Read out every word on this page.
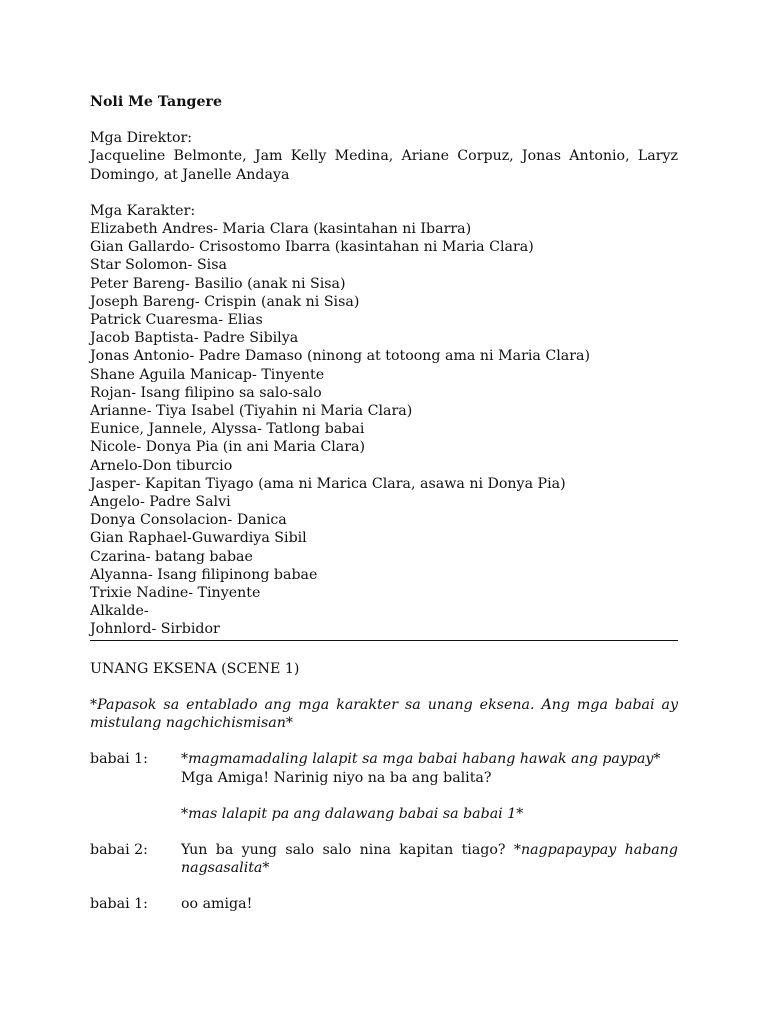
Noli Me Tangere

Mga Direktor:

Jacqueline Belmonte, Jam Kelly Medina, Ariane Corpuz, Jonas Antonio, Laryz Domingo, at Janelle Andaya

Mga Karakter:

Elizabeth Andres- Maria Clara (kasintahan ni Ibarra)
Gian Gallardo- Crisostomo Ibarra (kasintahan ni Maria Clara)
Star Solomon- Sisa
Peter Bareng- Basilio (anak ni Sisa)
Joseph Bareng- Crispin (anak ni Sisa)
Patrick Cuaresma- Elias
Jacob Baptista- Padre Sibilya
Jonas Antonio- Padre Damaso (ninong at totoong ama ni Maria Clara)
Shane Aguila Manicap- Tinyente
Rojan- Isang filipino sa salo-salo
Arianne- Tiya Isabel (Tiyahin ni Maria Clara)
Eunice, Jannele, Alyssa- Tatlong babai
Nicole- Donya Pia (in ani Maria Clara)
Arnelo-Don tiburcio
Jasper- Kapitan Tiyago (ama ni Marica Clara, asawa ni Donya Pia)
Angelo- Padre Salvi
Donya Consolacion- Danica
Gian Raphael-Guwardiya Sibil
Czarina- batang babae
Alyanna- Isang filipinong babae
Trixie Nadine- Tinyente
Alkalde-
Johnlord- Sirbidor

UNANG EKSENA (SCENE 1)

*Papasok sa entablado ang mga karakter sa unang eksena. Ang mga babai ay mistulang nagchichismisan*

babai 1:	*magmamadaling lalapit sa mga babai habang hawak ang paypay*
Mga Amiga! Narinig niyo na ba ang balita?
*mas lalapit pa ang dalawang babai sa babai 1*
babai 2:	Yun ba yung salo salo nina kapitan tiago? *nagpapaypay habang nagsasalita*
babai 1:	oo amiga!
